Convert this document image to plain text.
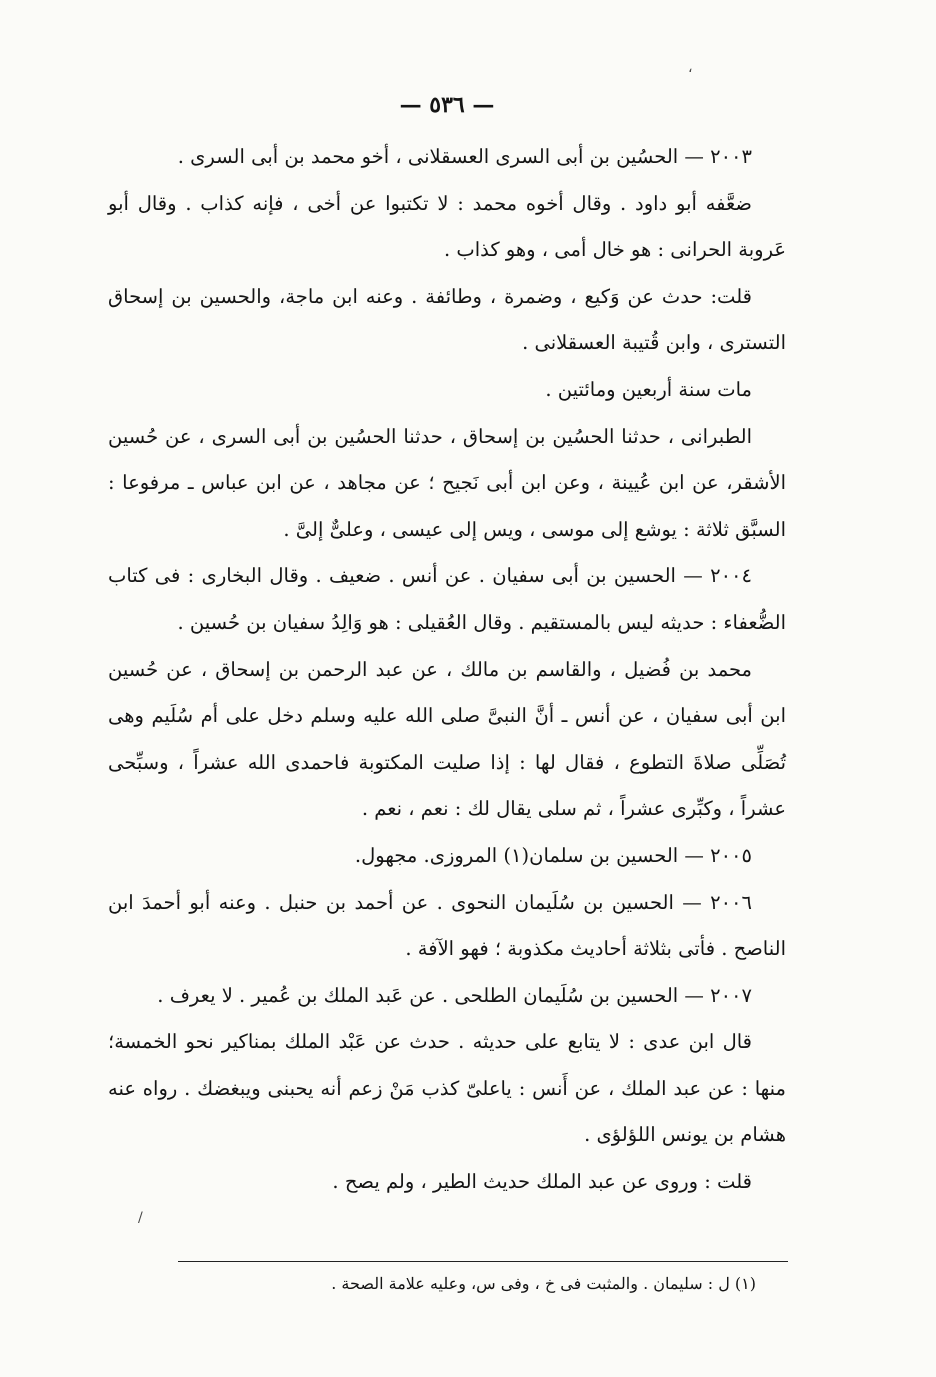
— ٥٣٦ —

٢٠٠٣ — الحسُين بن أبى السرى العسقلانى ، أخو محمد بن أبى السرى .

ضعَّفه أبو داود . وقال أخوه محمد : لا تكتبوا عن أخى ، فإنه كذاب . وقال أبو عَروبة الحرانى : هو خال أمى ، وهو كذاب .

قلت: حدث عن وَكيع ، وضمرة ، وطائفة . وعنه ابن ماجة، والحسين بن إسحاق التسترى ، وابن قُتيبة العسقلانى .

مات سنة أربعين ومائتين .

الطبرانى ، حدثنا الحسُين بن إسحاق ، حدثنا الحسُين بن أبى السرى ، عن حُسين الأشقر، عن ابن عُيينة ، وعن ابن أبى نَجيح ؛ عن مجاهد ، عن ابن عباس ـ مرفوعا : السبَّق ثلاثة : يوشع إلى موسى ، ويس إلى عيسى ، وعلىٌّ إلىَّ .

٢٠٠٤ — الحسين بن أبى سفيان . عن أنس . ضعيف . وقال البخارى : فى كتاب الضُّعفاء : حديثه ليس بالمستقيم . وقال العُقيلى : هو وَالِدُ سفيان بن حُسين .

محمد بن فُضيل ، والقاسم بن مالك ، عن عبد الرحمن بن إسحاق ، عن حُسين ابن أبى سفيان ، عن أنس ـ أنَّ النبىَّ صلى الله عليه وسلم دخل على أم سُلَيم وهى تُصَلِّى صلاةَ التطوع ، فقال لها : إذا صليت المكتوبة فاحمدى الله عشراً ، وسبِّحى عشراً ، وكبِّرى عشراً ، ثم سلى يقال لك : نعم ، نعم .

٢٠٠٥ — الحسين بن سلمان(١) المروزى. مجهول.

٢٠٠٦ — الحسين بن سُلَيمان النحوى . عن أحمد بن حنبل . وعنه أبو أحمدَ ابن الناصح . فأتى بثلاثة أحاديث مكذوبة ؛ فهو الآفة .

٢٠٠٧ — الحسين بن سُلَيمان الطلحى . عن عَبد الملك بن عُمير . لا يعرف .

قال ابن عدى : لا يتابع على حديثه . حدث عن عَبْد الملك بمناكير نحو الخمسة؛ منها : عن عبد الملك ، عن أَنس : ياعلىّ كذب مَنْ زعم أنه يحبنى ويبغضك . رواه عنه هشام بن يونس اللؤلؤى .

قلت : وروى عن عبد الملك حديث الطير ، ولم يصح .

(١) ل : سليمان . والمثبت فى خ ، وفى س، وعليه علامة الصحة .
،
/
